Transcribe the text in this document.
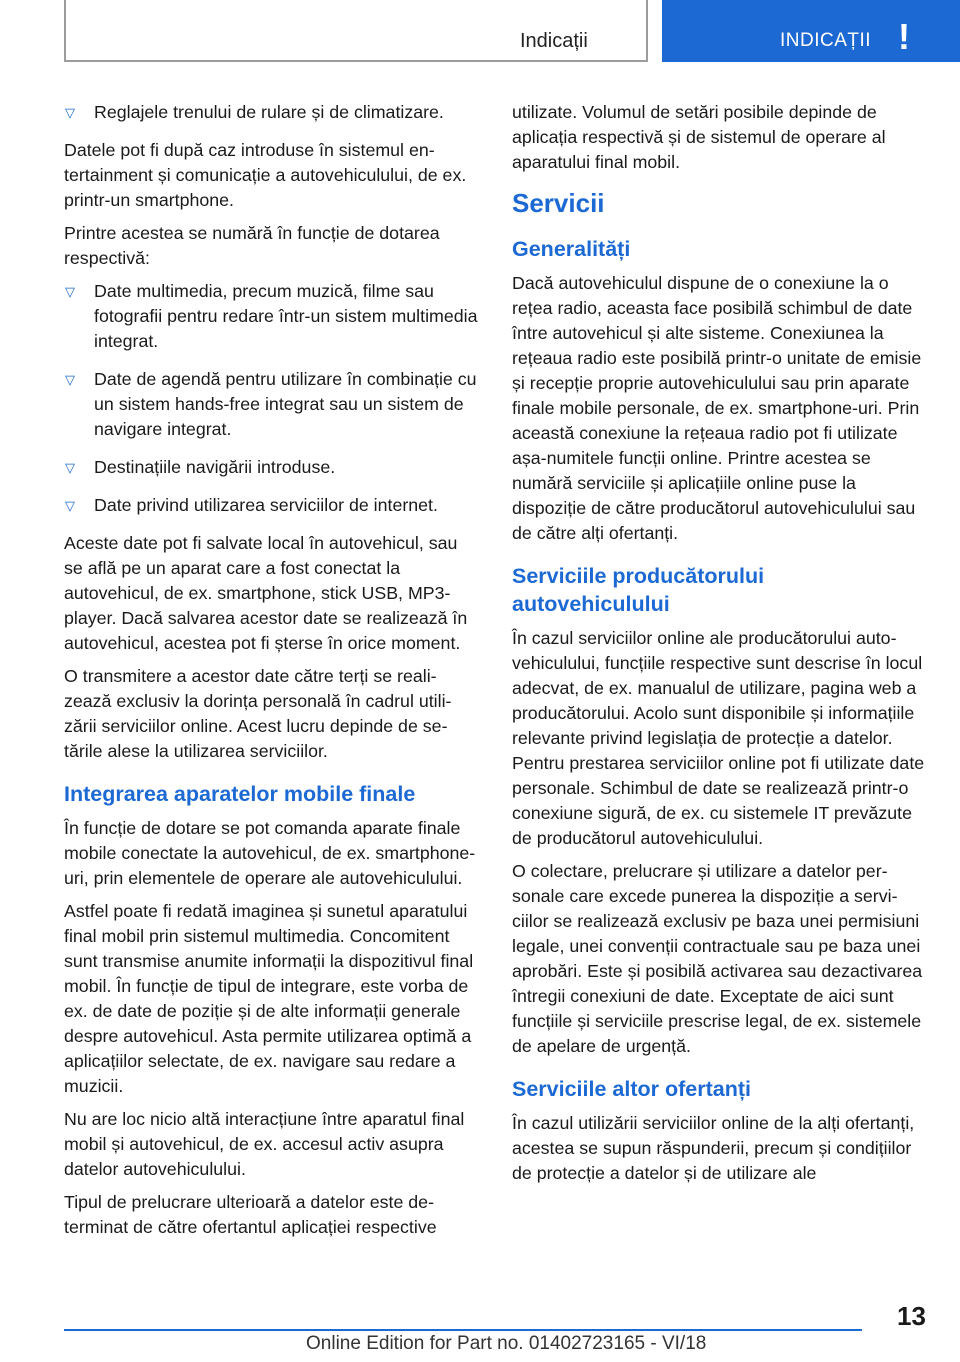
Indicații	INDICAȚII !
▽ Reglajele trenului de rulare și de climatizare.

Datele pot fi după caz introduse în sistemul entertainment și comunicație a autovehiculului, de ex. printr-un smartphone.

Printre acestea se numără în funcție de dotarea respectivă:

▽ Date multimedia, precum muzică, filme sau fotografii pentru redare într-un sistem multimedia integrat.
▽ Date de agendă pentru utilizare în combinație cu un sistem hands-free integrat sau un sistem de navigare integrat.
▽ Destinațiile navigării introduse.
▽ Date privind utilizarea serviciilor de internet.

Aceste date pot fi salvate local în autovehicul, sau se află pe un aparat care a fost conectat la autovehicul, de ex. smartphone, stick USB, MP3-player. Dacă salvarea acestor date se realizează în autovehicul, acestea pot fi șterse în orice moment.

O transmitere a acestor date către terți se realizează exclusiv la dorința personală în cadrul utilizării serviciilor online. Acest lucru depinde de setările alese la utilizarea serviciilor.

Integrarea aparatelor mobile finale

În funcție de dotare se pot comanda aparate finale mobile conectate la autovehicul, de ex. smartphone-uri, prin elementele de operare ale autovehiculului.

Astfel poate fi redată imaginea și sunetul aparatului final mobil prin sistemul multimedia. Concomitent sunt transmise anumite informații la dispozitivul final mobil. În funcție de tipul de integrare, este vorba de ex. de date de poziție și de alte informații generale despre autovehicul. Asta permite utilizarea optimă a aplicațiilor selectate, de ex. navigare sau redare a muzicii.

Nu are loc nicio altă interacțiune între aparatul final mobil și autovehicul, de ex. accesul activ asupra datelor autovehiculului.

Tipul de prelucrare ulterioară a datelor este determinat de către ofertantul aplicației respective

utilizate. Volumul de setări posibile depinde de aplicația respectivă și de sistemul de operare al aparatului final mobil.

Servicii
Generalități

Dacă autovehiculul dispune de o conexiune la o rețea radio, aceasta face posibilă schimbul de date între autovehicul și alte sisteme. Conexiunea la rețeaua radio este posibilă printr-o unitate de emisie și recepție proprie autovehiculului sau prin aparate finale mobile personale, de ex. smartphone-uri. Prin această conexiune la rețeaua radio pot fi utilizate așa-numitele funcții online. Printre acestea se numără serviciile și aplicațiile online puse la dispoziție de către producătorul autovehiculului sau de către alți ofertanți.

Serviciile producătorului autovehiculului

În cazul serviciilor online ale producătorului autovehiculului, funcțiile respective sunt descrise în locul adecvat, de ex. manualul de utilizare, pagina web a producătorului. Acolo sunt disponibile și informațiile relevante privind legislația de protecție a datelor. Pentru prestarea serviciilor online pot fi utilizate date personale. Schimbul de date se realizează printr-o conexiune sigură, de ex. cu sistemele IT prevăzute de producătorul autovehiculului.

O colectare, prelucrare și utilizare a datelor personale care excede punerea la dispoziție a serviciilor se realizează exclusiv pe baza unei permisiuni legale, unei convenții contractuale sau pe baza unei aprobări. Este și posibilă activarea sau dezactivarea întregii conexiuni de date. Exceptate de aici sunt funcțiile și serviciile prescrise legal, de ex. sistemele de apelare de urgență.

Serviciile altor ofertanți

În cazul utilizării serviciilor online de la alți ofertanți, acestea se supun răspunderii, precum și condițiilor de protecție a datelor și de utilizare ale

13
Online Edition for Part no. 01402723165 - VI/18
